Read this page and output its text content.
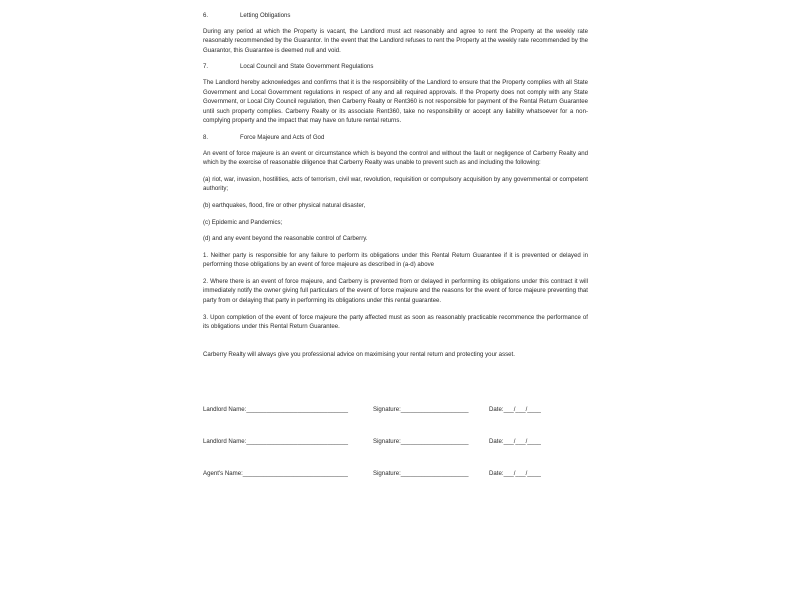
6.	Letting Obligations

During any period at which the Property is vacant, the Landlord must act reasonably and agree to rent the Property at the weekly rate reasonably recommended by the Guarantor. In the event that the Landlord refuses to rent the Property at the weekly rate recommended by the Guarantor, this Guarantee is deemed null and void.

7.	Local Council and State Government Regulations

The Landlord hereby acknowledges and confirms that it is the responsibility of the Landlord to ensure that the Property complies with all State Government and Local Government regulations in respect of any and all required approvals. If the Property does not comply with any State Government, or Local City Council regulation, then Carberry Realty or Rent360 is not responsible for payment of the Rental Return Guarantee until such property complies. Carberry Realty or its associate Rent360, take no responsibility or accept any liability whatsoever for a non-complying property and the impact that may have on future rental returns.

8.	Force Majeure and Acts of God

An event of force majeure is an event or circumstance which is beyond the control and without the fault or negligence of Carberry Realty and which by the exercise of reasonable diligence that Carberry Realty was unable to prevent such as and including the following:

(a) riot, war, invasion, hostilities, acts of terrorism, civil war, revolution, requisition or compulsory acquisition by any governmental or competent authority;

(b) earthquakes, flood, fire or other physical natural disaster,

(c) Epidemic and Pandemics;

(d) and any event beyond the reasonable control of Carberry.

1. Neither party is responsible for any failure to perform its obligations under this Rental Return Guarantee if it is prevented or delayed in performing those obligations by an event of force majeure as described in (a-d) above

2. Where there is an event of force majeure, and Carberry is prevented from or delayed in performing its obligations under this contract it will immediately notify the owner giving full particulars of the event of force majeure and the reasons for the event of force majeure preventing that party from or delaying that party in performing its obligations under this rental guarantee.

3. Upon completion of the event of force majeure the party affected must as soon as reasonably practicable recommence the performance of its obligations under this Rental Return Guarantee.

Carberry Realty will always give you professional advice on maximising your rental return and protecting your asset.

Landlord Name:______________________________	Signature:____________________	Date:___/___/____
Landlord Name:______________________________	Signature:____________________	Date:___/___/____
Agent's Name:_______________________________	Signature:____________________	Date:___/___/____
